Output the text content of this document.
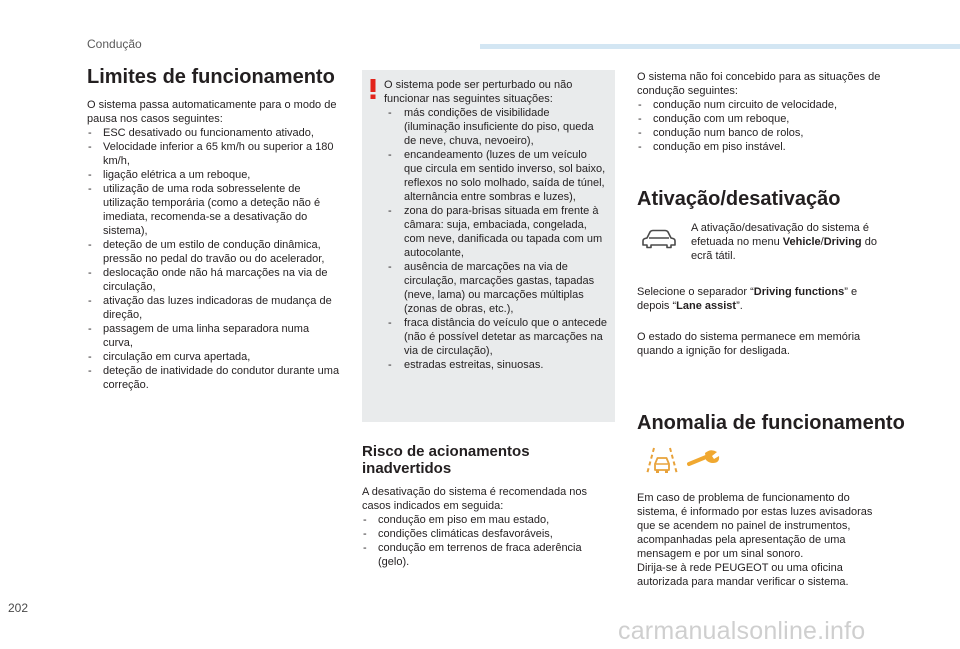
Condução
Limites de funcionamento

O sistema passa automaticamente para o modo de pausa nos casos seguintes:

- ESC desativado ou funcionamento ativado,
- Velocidade inferior a 65 km/h ou superior a 180 km/h,
- ligação elétrica a um reboque,
- utilização de uma roda sobresselente de utilização temporária (como a deteção não é imediata, recomenda-se a desativação do sistema),
- deteção de um estilo de condução dinâmica, pressão no pedal do travão ou do acelerador,
- deslocação onde não há marcações na via de circulação,
- ativação das luzes indicadoras de mudança de direção,
- passagem de uma linha separadora numa curva,
- circulação em curva apertada,
- deteção de inatividade do condutor durante uma correção.

O sistema pode ser perturbado ou não funcionar nas seguintes situações:

- más condições de visibilidade (iluminação insuficiente do piso, queda de neve, chuva, nevoeiro),
- encandeamento (luzes de um veículo que circula em sentido inverso, sol baixo, reflexos no solo molhado, saída de túnel, alternância entre sombras e luzes),
- zona do para-brisas situada em frente à câmara: suja, embaciada, congelada, com neve, danificada ou tapada com um autocolante,
- ausência de marcações na via de circulação, marcações gastas, tapadas (neve, lama) ou marcações múltiplas (zonas de obras, etc.),
- fraca distância do veículo que o antecede (não é possível detetar as marcações na via de circulação),
- estradas estreitas, sinuosas.
Risco de acionamentos inadvertidos

A desativação do sistema é recomendada nos casos indicados em seguida:

- condução em piso em mau estado,
- condições climáticas desfavoráveis,
- condução em terrenos de fraca aderência (gelo).

O sistema não foi concebido para as situações de condução seguintes:

- condução num circuito de velocidade,
- condução com um reboque,
- condução num banco de rolos,
- condução em piso instável.
Ativação/desativação
A ativação/desativação do sistema é efetuada no menu Vehicle/Driving do ecrã tátil.
Selecione o separador “Driving functions” e depois “Lane assist”.
O estado do sistema permanece em memória quando a ignição for desligada.
Anomalia de funcionamento

Em caso de problema de funcionamento do sistema, é informado por estas luzes avisadoras que se acendem no painel de instrumentos, acompanhadas pela apresentação de uma mensagem e por um sinal sonoro.

Dirija-se à rede PEUGEOT ou uma oficina autorizada para mandar verificar o sistema.

202
carmanualsonline.info
